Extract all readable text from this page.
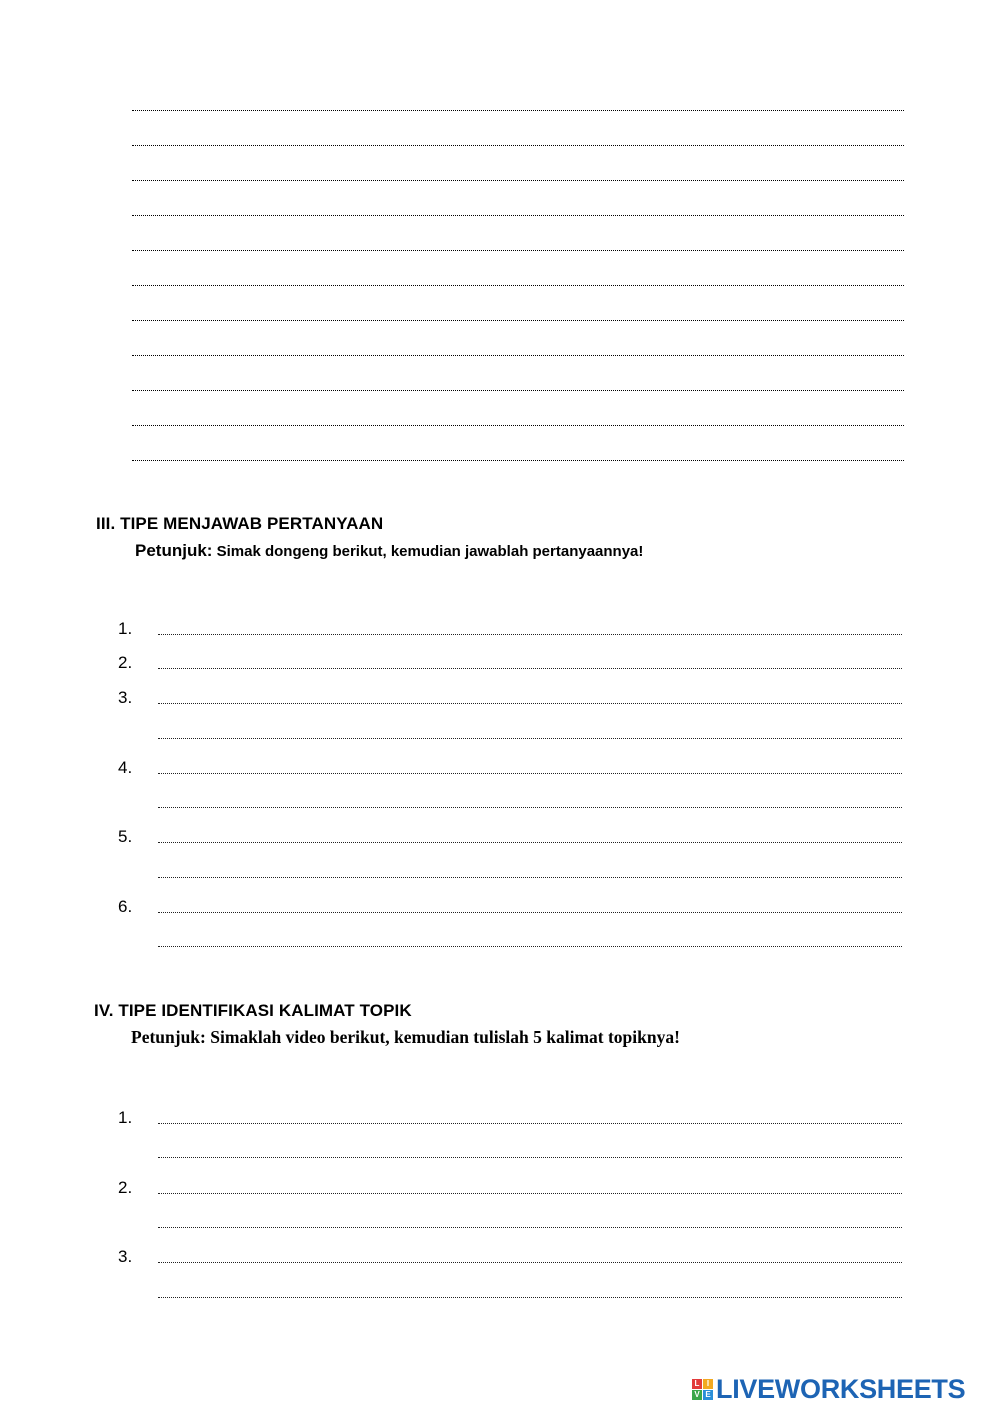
III. TIPE MENJAWAB PERTANYAAN
Petunjuk: Simak dongeng berikut, kemudian jawablah pertanyaannya!
1.
2.
3.
4.
5.
6.
IV. TIPE IDENTIFIKASI KALIMAT TOPIK
Petunjuk: Simaklah video berikut, kemudian tulislah 5 kalimat topiknya!
1.
2.
3.
L I
V E LIVEWORKSHEETS
